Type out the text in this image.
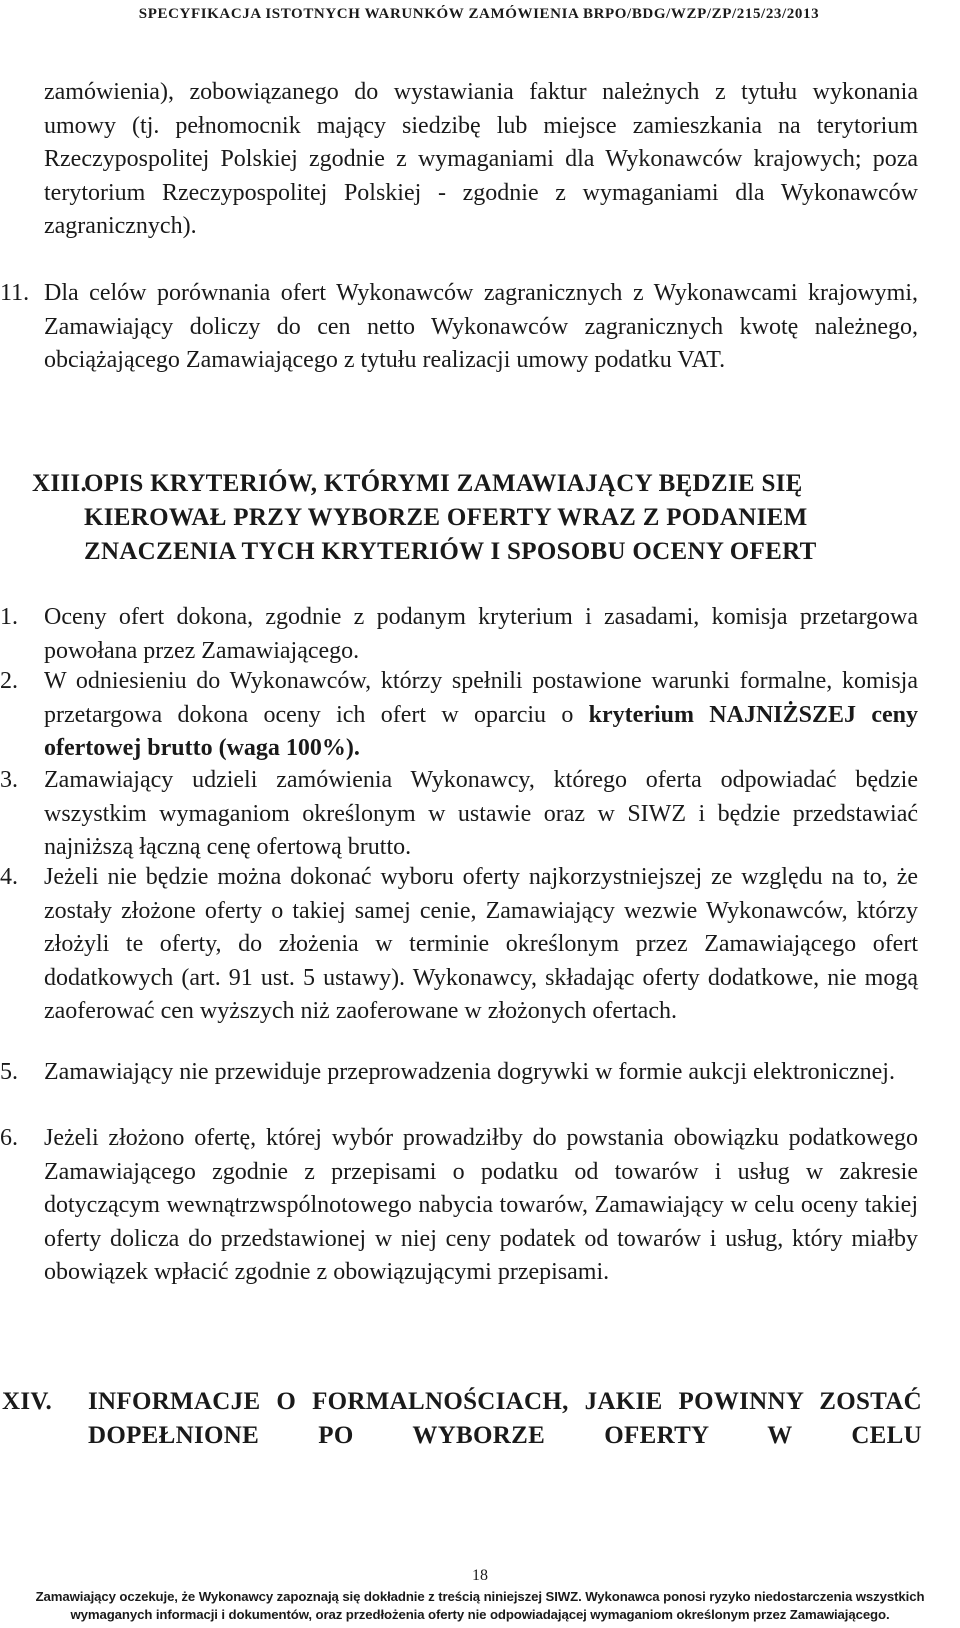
SPECYFIKACJA ISTOTNYCH WARUNKÓW ZAMÓWIENIA BRPO/BDG/WZP/ZP/215/23/2013
zamówienia), zobowiązanego do wystawiania faktur należnych z tytułu wykonania umowy (tj. pełnomocnik mający siedzibę lub miejsce zamieszkania na terytorium Rzeczypospolitej Polskiej zgodnie z wymaganiami dla Wykonawców krajowych; poza terytorium Rzeczypospolitej Polskiej - zgodnie z wymaganiami dla Wykonawców zagranicznych).
11. Dla celów porównania ofert Wykonawców zagranicznych z Wykonawcami krajowymi, Zamawiający doliczy do cen netto Wykonawców zagranicznych kwotę należnego, obciążającego Zamawiającego z tytułu realizacji umowy podatku VAT.
XIII.
OPIS KRYTERIÓW, KTÓRYMI ZAMAWIAJĄCY BĘDZIE SIĘ KIEROWAŁ PRZY WYBORZE OFERTY WRAZ Z PODANIEM ZNACZENIA TYCH KRYTERIÓW I SPOSOBU OCENY OFERT
1. Oceny ofert dokona, zgodnie z podanym kryterium i zasadami, komisja przetargowa powołana przez Zamawiającego.
2. W odniesieniu do Wykonawców, którzy spełnili postawione warunki formalne, komisja przetargowa dokona oceny ich ofert w oparciu o kryterium NAJNIŻSZEJ ceny ofertowej brutto (waga 100%).
3. Zamawiający udzieli zamówienia Wykonawcy, którego oferta odpowiadać będzie wszystkim wymaganiom określonym w ustawie oraz w SIWZ i będzie przedstawiać najniższą łączną cenę ofertową brutto.
4. Jeżeli nie będzie można dokonać wyboru oferty najkorzystniejszej ze względu na to, że zostały złożone oferty o takiej samej cenie, Zamawiający wezwie Wykonawców, którzy złożyli te oferty, do złożenia w terminie określonym przez Zamawiającego ofert dodatkowych (art. 91 ust. 5 ustawy). Wykonawcy, składając oferty dodatkowe, nie mogą zaoferować cen wyższych niż zaoferowane w złożonych ofertach.
5. Zamawiający nie przewiduje przeprowadzenia dogrywki w formie aukcji elektronicznej.
6. Jeżeli złożono ofertę, której wybór prowadziłby do powstania obowiązku podatkowego Zamawiającego zgodnie z przepisami o podatku od towarów i usług w zakresie dotyczącym wewnątrzwspólnotowego nabycia towarów, Zamawiający w celu oceny takiej oferty dolicza do przedstawionej w niej ceny podatek od towarów i usług, który miałby obowiązek wpłacić zgodnie z obowiązującymi przepisami.
XIV. INFORMACJE O FORMALNOŚCIACH, JAKIE POWINNY ZOSTAĆ DOPEŁNIONE PO WYBORZE OFERTY W CELU
18
Zamawiający oczekuje, że Wykonawcy zapoznają się dokładnie z treścią niniejszej SIWZ. Wykonawca ponosi ryzyko niedostarczenia wszystkich
wymaganych informacji i dokumentów, oraz przedłożenia oferty nie odpowiadającej wymaganiom określonym przez Zamawiającego.
